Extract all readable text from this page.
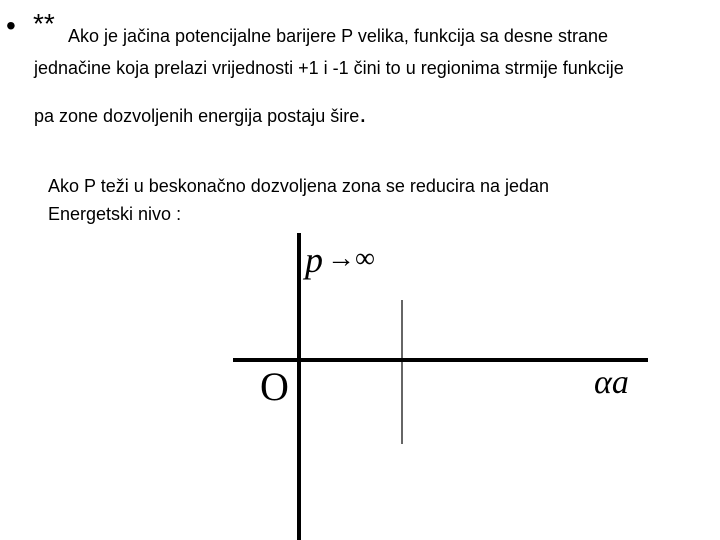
• ** Ako je jačina potencijalne barijere P velika, funkcija sa desne strane
jednačine koja prelazi vrijednosti +1 i -1 čini to u regionima strmije funkcije
pa zone dozvoljenih energija postaju šire.
Ako P teži u beskonačno dozvoljena zona se reducira na jedan
Energetski nivo :
p →∞
O	αa
